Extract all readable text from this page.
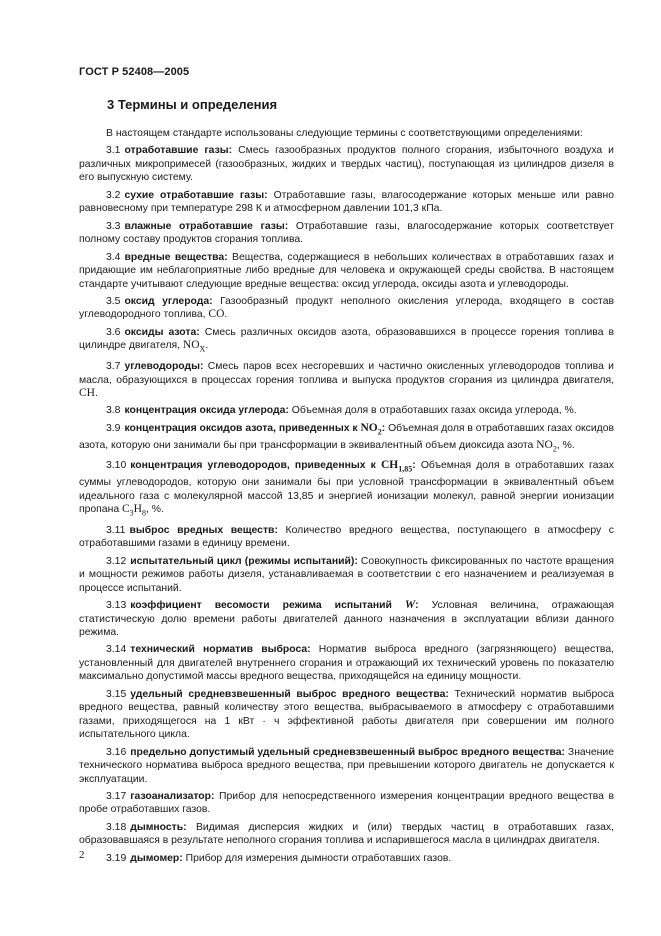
ГОСТ Р 52408—2005
3 Термины и определения

В настоящем стандарте использованы следующие термины с соответствующими определениями:

3.1 отработавшие газы: Смесь газообразных продуктов полного сгорания, избыточного воздуха и различных микропримесей (газообразных, жидких и твердых частиц), поступающая из цилиндров дизеля в его выпускную систему.

3.2 сухие отработавшие газы: Отработавшие газы, влагосодержание которых меньше или равно равновесному при температуре 298 К и атмосферном давлении 101,3 кПа.

3.3 влажные отработавшие газы: Отработавшие газы, влагосодержание которых соответствует полному составу продуктов сгорания топлива.

3.4 вредные вещества: Вещества, содержащиеся в небольших количествах в отработавших газах и придающие им неблагоприятные либо вредные для человека и окружающей среды свойства. В настоящем стандарте учитывают следующие вредные вещества: оксид углерода, оксиды азота и углеводороды.

3.5 оксид углерода: Газообразный продукт неполного окисления углерода, входящего в состав углеводородного топлива, CO.

3.6 оксиды азота: Смесь различных оксидов азота, образовавшихся в процессе горения топлива в цилиндре двигателя, $NO_X$.

3.7 углеводороды: Смесь паров всех несгоревших и частично окисленных углеводородов топлива и масла, образующихся в процессах горения топлива и выпуска продуктов сгорания из цилиндра двигателя, CH.

3.8 концентрация оксида углерода: Объемная доля в отработавших газах оксида углерода, %.

3.9 концентрация оксидов азота, приведенных к $NO_2$: Объемная доля в отработавших газах оксидов азота, которую они занимали бы при трансформации в эквивалентный объем диоксида азота $NO_2$, %.

3.10 концентрация углеводородов, приведенных к $CH_{1,85}$: Объемная доля в отработавших газах суммы углеводородов, которую они занимали бы при условной трансформации в эквивалентный объем идеального газа с молекулярной массой 13,85 и энергией ионизации молекул, равной энергии ионизации пропана $C_3H_8$, %.

3.11 выброс вредных веществ: Количество вредного вещества, поступающего в атмосферу с отработавшими газами в единицу времени.

3.12 испытательный цикл (режимы испытаний): Совокупность фиксированных по частоте вращения и мощности режимов работы дизеля, устанавливаемая в соответствии с его назначением и реализуемая в процессе испытаний.

3.13 коэффициент весомости режима испытаний W: Условная величина, отражающая статистическую долю времени работы двигателей данного назначения в эксплуатации вблизи данного режима.

3.14 технический норматив выброса: Норматив выброса вредного (загрязняющего) вещества, установленный для двигателей внутреннего сгорания и отражающий их технический уровень по показателю максимально допустимой массы вредного вещества, приходящейся на единицу мощности.

3.15 удельный средневзвешенный выброс вредного вещества: Технический норматив выброса вредного вещества, равный количеству этого вещества, выбрасываемого в атмосферу с отработавшими газами, приходящегося на 1 кВт · ч эффективной работы двигателя при совершении им полного испытательного цикла.

3.16 предельно допустимый удельный средневзвешенный выброс вредного вещества: Значение технического норматива выброса вредного вещества, при превышении которого двигатель не допускается к эксплуатации.

3.17 газоанализатор: Прибор для непосредственного измерения концентрации вредного вещества в пробе отработавших газов.

3.18 дымность: Видимая дисперсия жидких и (или) твердых частиц в отработавших газах, образовавшаяся в результате неполного сгорания топлива и испарившегося масла в цилиндрах двигателя.

3.19 дымомер: Прибор для измерения дымности отработавших газов.

2
